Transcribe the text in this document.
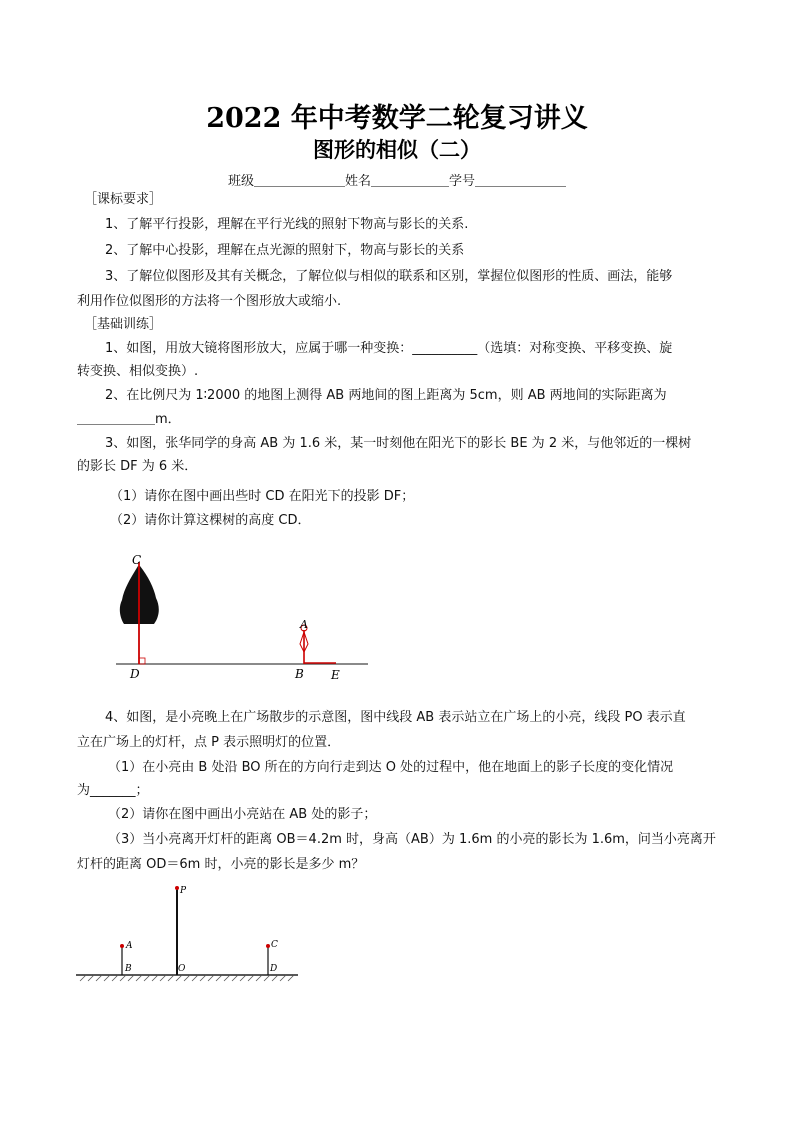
2022 年中考数学二轮复习讲义
图形的相似（二）
班级＿＿＿＿＿＿＿姓名＿＿＿＿＿＿学号＿＿＿＿＿＿＿
［课标要求］
1、了解平行投影，理解在平行光线的照射下物高与影长的关系.
2、了解中心投影，理解在点光源的照射下，物高与影长的关系
3、了解位似图形及其有关概念，了解位似与相似的联系和区别，掌握位似图形的性质、画法，能够
利用作位似图形的方法将一个图形放大或缩小.
［基础训练］
1、如图，用放大镜将图形放大，应属于哪一种变换：__________（选填：对称变换、平移变换、旋
转变换、相似变换）.
2、在比例尺为 1∶2000 的地图上测得 AB 两地间的图上距离为 5cm，则 AB 两地间的实际距离为
＿＿＿＿＿＿m．
3、如图，张华同学的身高 AB 为 1.6 米，某一时刻他在阳光下的影长 BE 为 2 米，与他邻近的一棵树
的影长 DF 为 6 米．
（1）请你在图中画出些时 CD 在阳光下的投影 DF；
（2）请你计算这棵树的高度 CD．
C
A
D	B E
4、如图，是小亮晚上在广场散步的示意图，图中线段 AB 表示站立在广场上的小亮，线段 PO 表示直
立在广场上的灯杆，点 P 表示照明灯的位置．
（1）在小亮由 B 处沿 BO 所在的方向行走到达 O 处的过程中，他在地面上的影子长度的变化情况
为_______；
（2）请你在图中画出小亮站在 AB 处的影子；
（3）当小亮离开灯杆的距离 OB＝4.2m 时，身高（AB）为 1.6m 的小亮的影长为 1.6m，问当小亮离开
灯杆的距离 OD＝6m 时，小亮的影长是多少 m？
P
A	C
B	O	D
